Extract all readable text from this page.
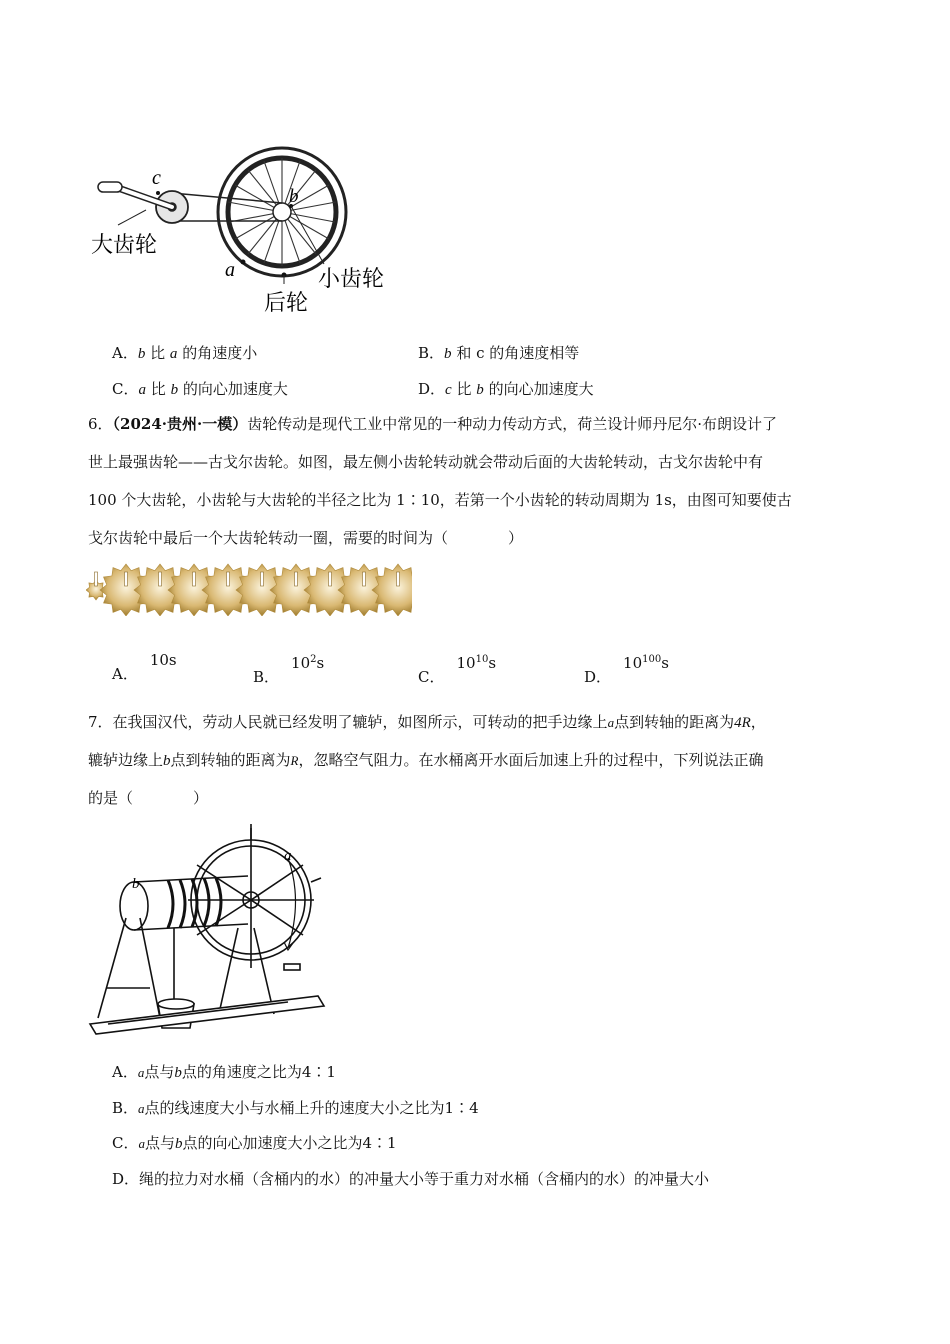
c
b
a
大齿轮
小齿轮
后轮
A．b 比 a 的角速度小	B．b 和 c 的角速度相等
C．a 比 b 的向心加速度大	D．c 比 b 的向心加速度大
6．（2024·贵州·一模）齿轮传动是现代工业中常见的一种动力传动方式，荷兰设计师丹尼尔·布朗设计了
世上最强齿轮——古戈尔齿轮。如图，最左侧小齿轮转动就会带动后面的大齿轮转动，古戈尔齿轮中有
100 个大齿轮，小齿轮与大齿轮的半径之比为 1∶10，若第一个小齿轮的转动周期为 1s，由图可知要使古
戈尔齿轮中最后一个大齿轮转动一圈，需要的时间为（　　　　）
A．10s
B．$10^2s$
C．$10^{10}s$
D．$10^{100}s$
7．在我国汉代，劳动人民就已经发明了辘轳，如图所示，可转动的把手边缘上a点到转轴的距离为4R，
辘轳边缘上b点到转轴的距离为R，忽略空气阻力。在水桶离开水面后加速上升的过程中，下列说法正确
的是（　　　　）
a
b
A．a点与b点的角速度之比为4∶1
B．a点的线速度大小与水桶上升的速度大小之比为1∶4
C．a点与b点的向心加速度大小之比为4∶1
D．绳的拉力对水桶（含桶内的水）的冲量大小等于重力对水桶（含桶内的水）的冲量大小
